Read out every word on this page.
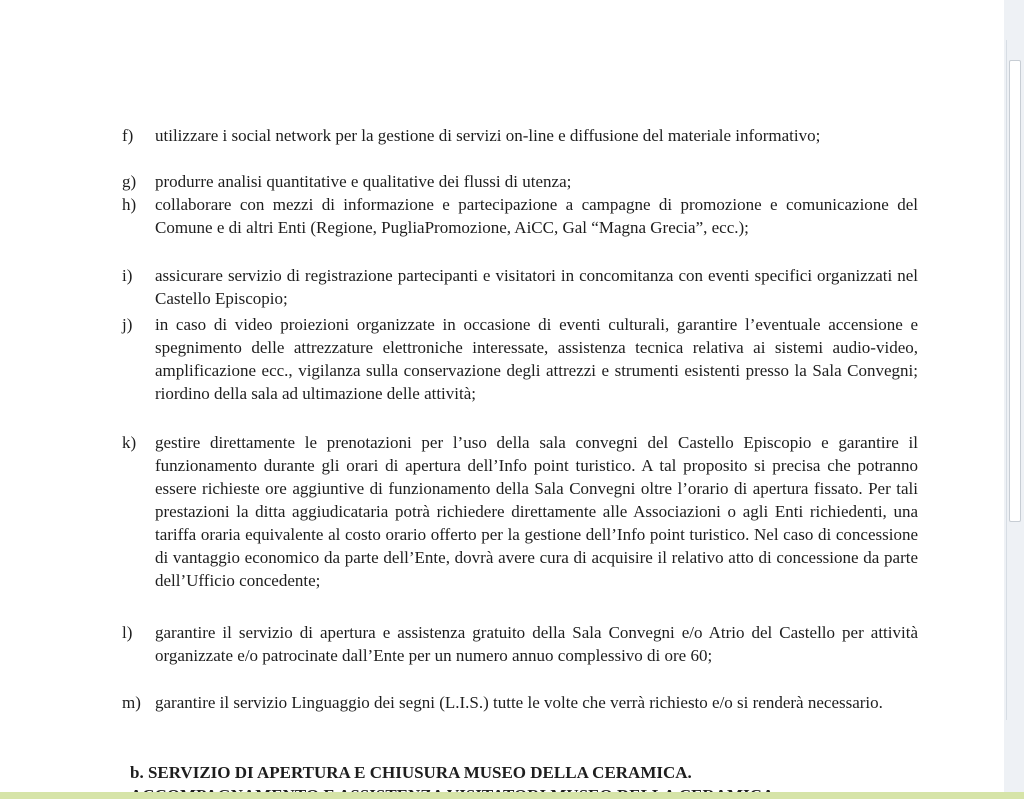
f) utilizzare i social network per la gestione di servizi on-line e diffusione del materiale informativo;

g) produrre analisi quantitative e qualitative dei flussi di utenza;

h) collaborare con mezzi di informazione e partecipazione a campagne di promozione e comunicazione del Comune e di altri Enti (Regione, PugliaPromozione, AiCC, Gal “Magna Grecia”, ecc.);

i) assicurare servizio di registrazione partecipanti e visitatori in concomitanza con eventi specifici organizzati nel Castello Episcopio;

j) in caso di video proiezioni organizzate in occasione di eventi culturali, garantire l’eventuale accensione e spegnimento delle attrezzature elettroniche interessate, assistenza tecnica relativa ai sistemi audio-video, amplificazione ecc., vigilanza sulla conservazione degli attrezzi e strumenti esistenti presso la Sala Convegni; riordino della sala ad ultimazione delle attività;

k) gestire direttamente le prenotazioni per l’uso della sala convegni del Castello Episcopio e garantire il funzionamento durante gli orari di apertura dell’Info point turistico. A tal proposito si precisa che potranno essere richieste ore aggiuntive di funzionamento della Sala Convegni oltre l’orario di apertura fissato. Per tali prestazioni la ditta aggiudicataria potrà richiedere direttamente alle Associazioni o agli Enti richiedenti, una tariffa oraria equivalente al costo orario offerto per la gestione dell’Info point turistico. Nel caso di concessione di vantaggio economico da parte dell’Ente, dovrà avere cura di acquisire il relativo atto di concessione da parte dell’Ufficio concedente;

l) garantire il servizio di apertura e assistenza gratuito della Sala Convegni e/o Atrio del Castello per attività organizzate e/o patrocinate dall’Ente per un numero annuo complessivo di ore 60;

m) garantire il servizio Linguaggio dei segni (L.I.S.) tutte le volte che verrà richiesto e/o si renderà necessario.

b. SERVIZIO DI APERTURA E CHIUSURA MUSEO DELLA CERAMICA.
